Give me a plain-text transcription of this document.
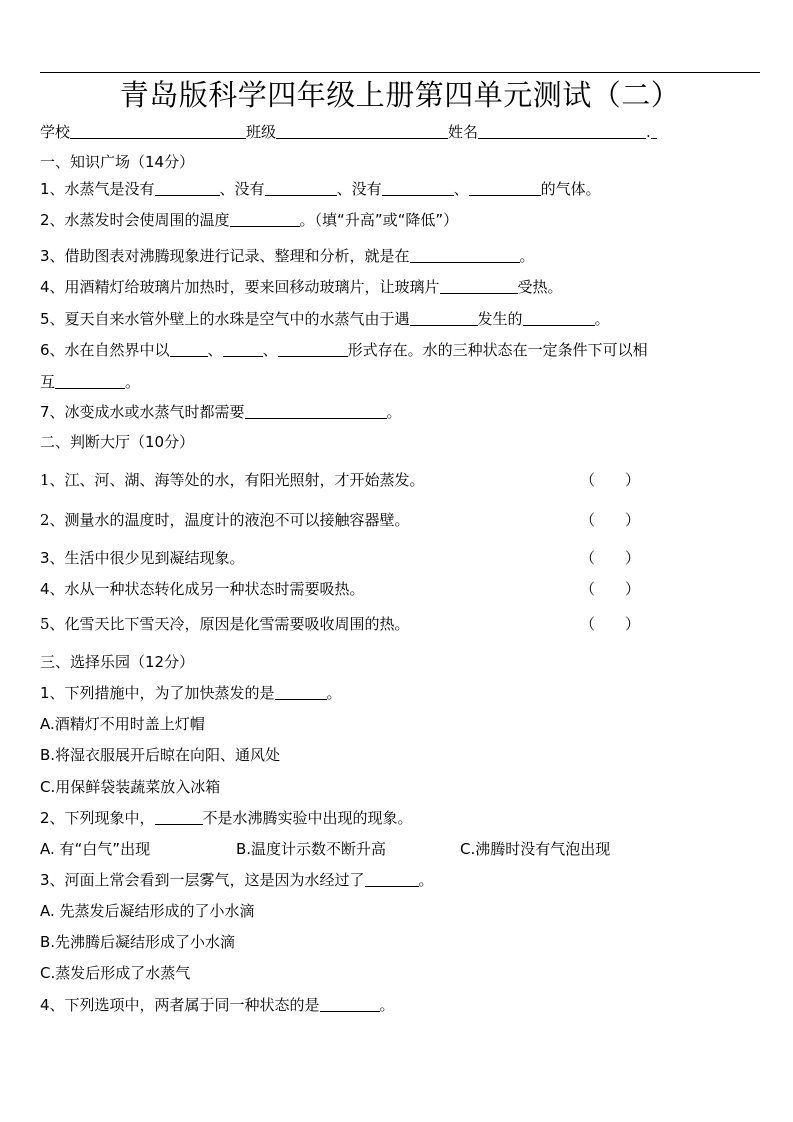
青岛版科学四年级上册第四单元测试（二）
学校	班级	姓名	.
一、知识广场（14分）
1、水蒸气是没有	、没有	、没有	、	的气体。
2、水蒸发时会使周围的温度	。（填“升高”或“降低”）
3、借助图表对沸腾现象进行记录、整理和分析，就是在	。
4、用酒精灯给玻璃片加热时，要来回移动玻璃片，让玻璃片	受热。
5、夏天自来水管外壁上的水珠是空气中的水蒸气由于遇	发生的	。
6、水在自然界中以	、	、	形式存在。水的三种状态在一定条件下可以相
互	。
7、冰变成水或水蒸气时都需要	。
二、判断大厅（10分）
1、江、河、湖、海等处的水，有阳光照射，才开始蒸发。	（　　）
2、测量水的温度时，温度计的液泡不可以接触容器壁。	（　　）
3、生活中很少见到凝结现象。	（　　）
4、水从一种状态转化成另一种状态时需要吸热。	（　　）
5、化雪天比下雪天冷，原因是化雪需要吸收周围的热。	（　　）
三、选择乐园（12分）
1、下列措施中，为了加快蒸发的是	。
A.酒精灯不用时盖上灯帽
B.将湿衣服展开后晾在向阳、通风处
C.用保鲜袋装蔬菜放入冰箱
2、下列现象中，	不是水沸腾实验中出现的现象。
A. 有“白气”出现	B.温度计示数不断升高	C.沸腾时没有气泡出现
3、河面上常会看到一层雾气，这是因为水经过了	。
A. 先蒸发后凝结形成的了小水滴
B.先沸腾后凝结形成了小水滴
C.蒸发后形成了水蒸气
4、下列选项中，两者属于同一种状态的是	。
